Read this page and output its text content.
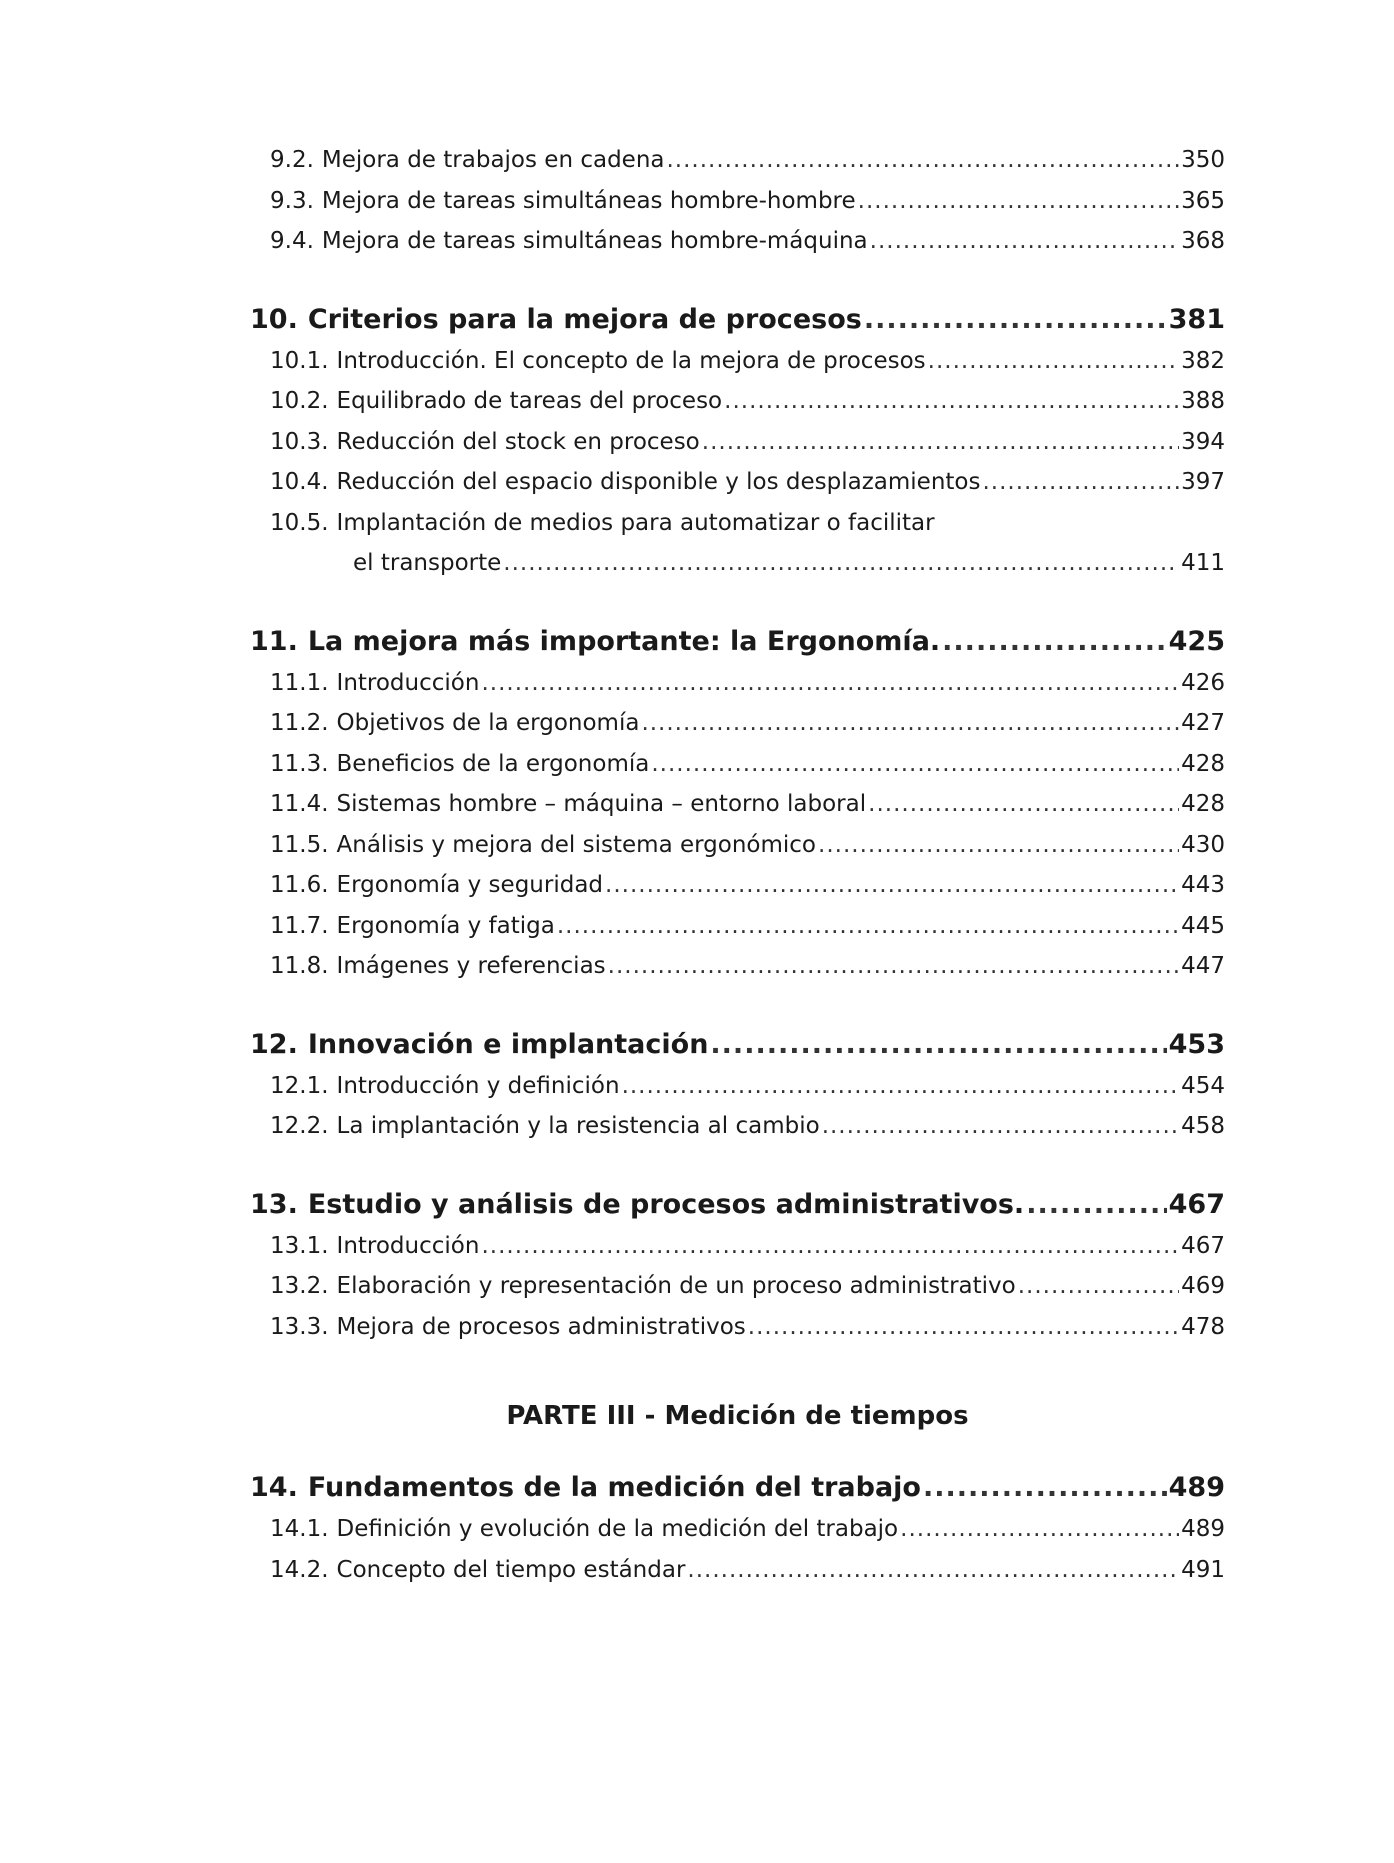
9.2. Mejora de trabajos en cadena .....	350
9.3. Mejora de tareas simultáneas hombre-hombre .....	365
9.4. Mejora de tareas simultáneas hombre-máquina .....	368
10. Criterios para la mejora de procesos .....	381
10.1. Introducción. El concepto de la mejora de procesos .....	382
10.2. Equilibrado de tareas del proceso .....	388
10.3. Reducción del stock en proceso .....	394
10.4. Reducción del espacio disponible y los desplazamientos .....	397
10.5. Implantación de medios para automatizar o facilitar
el transporte .....	411
11. La mejora más importante: la Ergonomía. .....	425
11.1. Introducción .....	426
11.2. Objetivos de la ergonomía .....	427
11.3. Beneficios de la ergonomía .....	428
11.4. Sistemas hombre – máquina – entorno laboral .....	428
11.5. Análisis y mejora del sistema ergonómico .....	430
11.6. Ergonomía y seguridad .....	443
11.7. Ergonomía y fatiga .....	445
11.8. Imágenes y referencias .....	447
12. Innovación e implantación .....	453
12.1. Introducción y definición .....	454
12.2. La implantación y la resistencia al cambio .....	458
13. Estudio y análisis de procesos administrativos. .....	467
13.1. Introducción .....	467
13.2. Elaboración y representación de un proceso administrativo .....	469
13.3. Mejora de procesos administrativos .....	478
PARTE III - Medición de tiempos
14. Fundamentos de la medición del trabajo .....	489
14.1. Definición y evolución de la medición del trabajo .....	489
14.2. Concepto del tiempo estándar .....	491
